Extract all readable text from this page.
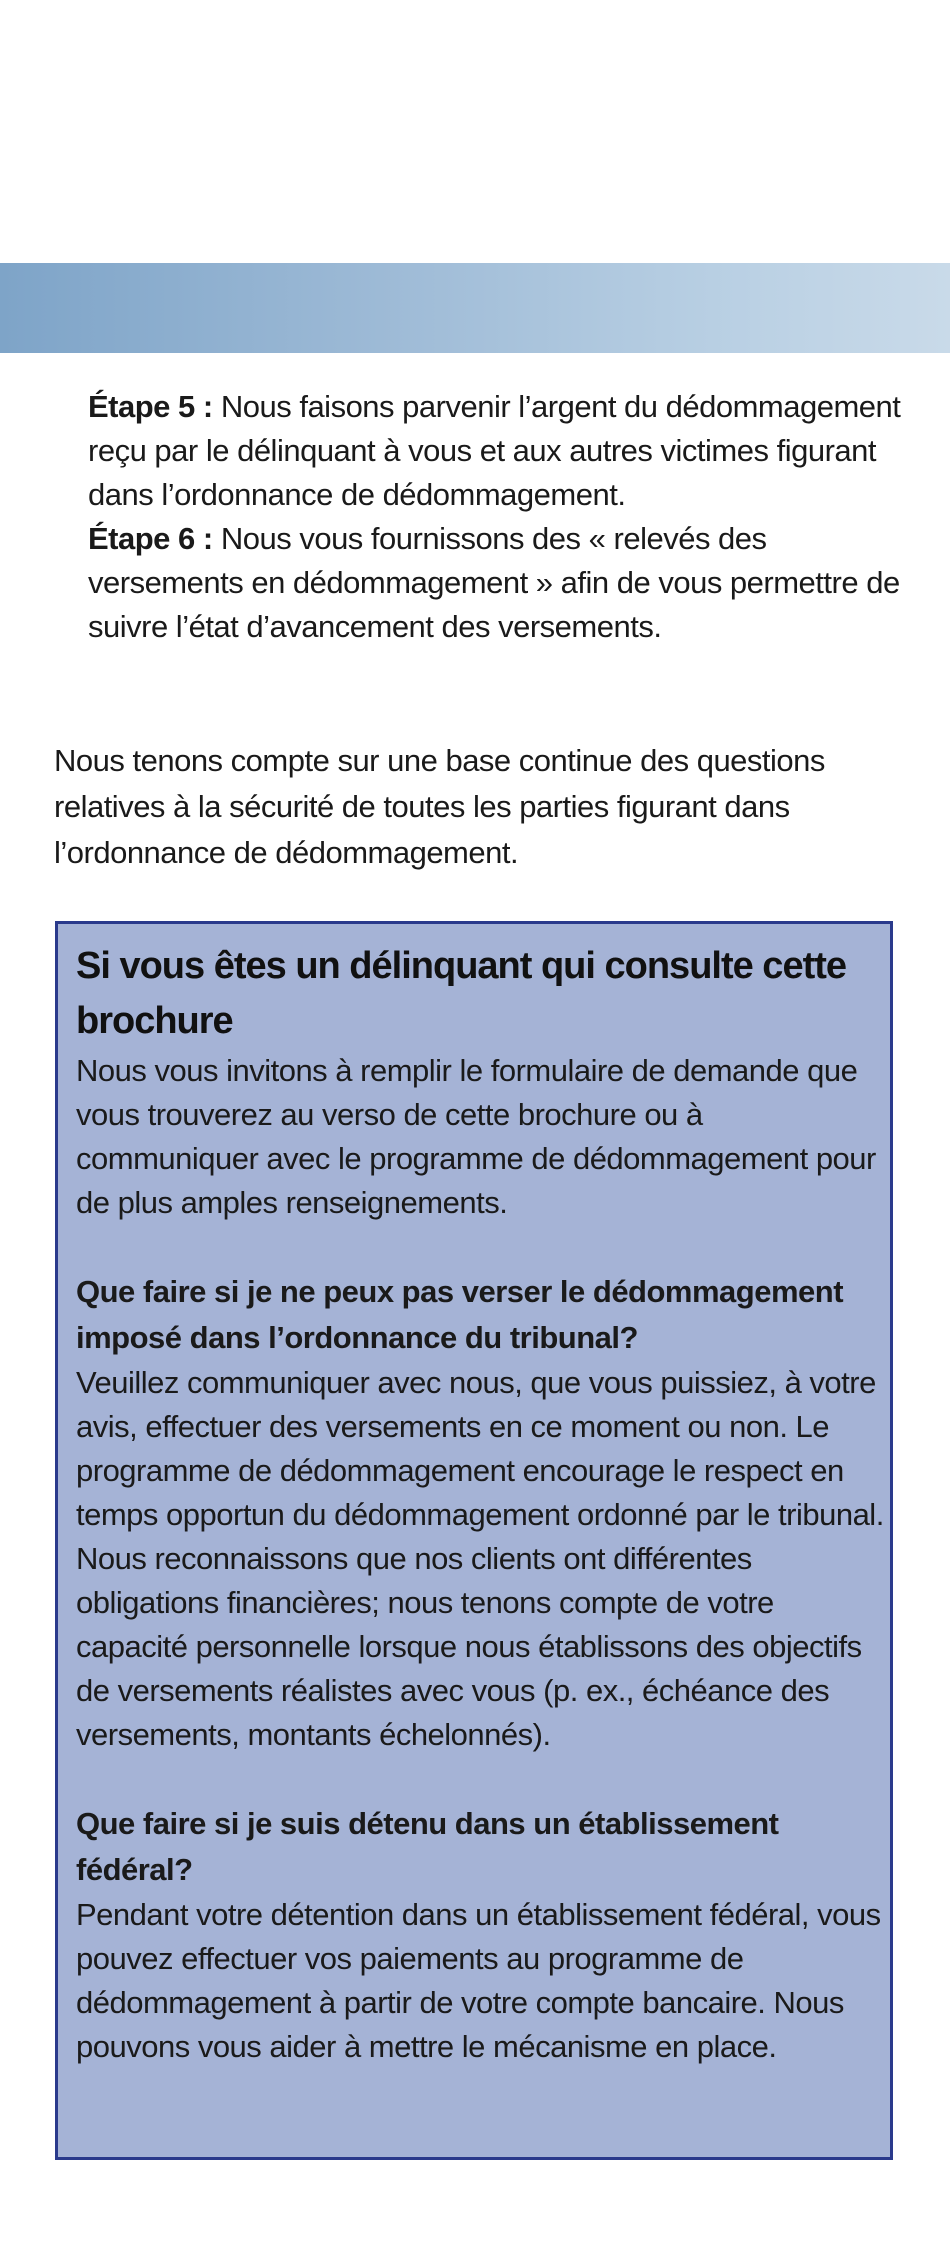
Étape 5 : Nous faisons parvenir l’argent du dédommagement reçu par le délinquant à vous et aux autres victimes figurant dans l’ordonnance de dédommagement.

Étape 6 : Nous vous fournissons des « relevés des versements en dédommagement » afin de vous permettre de suivre l’état d’avancement des versements.

Nous tenons compte sur une base continue des questions relatives à la sécurité de toutes les parties figurant dans l’ordonnance de dédommagement.

Si vous êtes un délinquant qui consulte cette brochure

Nous vous invitons à remplir le formulaire de demande que vous trouverez au verso de cette brochure ou à communiquer avec le programme de dédommagement pour de plus amples renseignements.

Que faire si je ne peux pas verser le dédommagement imposé dans l’ordonnance du tribunal?

Veuillez communiquer avec nous, que vous puissiez, à votre avis, effectuer des versements en ce moment ou non. Le programme de dédommagement encourage le respect en temps opportun du dédommagement ordonné par le tribunal. Nous reconnaissons que nos clients ont différentes obligations financières; nous tenons compte de votre capacité personnelle lorsque nous établissons des objectifs de versements réalistes avec vous (p. ex., échéance des versements, montants échelonnés).

Que faire si je suis détenu dans un établissement fédéral?

Pendant votre détention dans un établissement fédéral, vous pouvez effectuer vos paiements au programme de dédommagement à partir de votre compte bancaire. Nous pouvons vous aider à mettre le mécanisme en place.
